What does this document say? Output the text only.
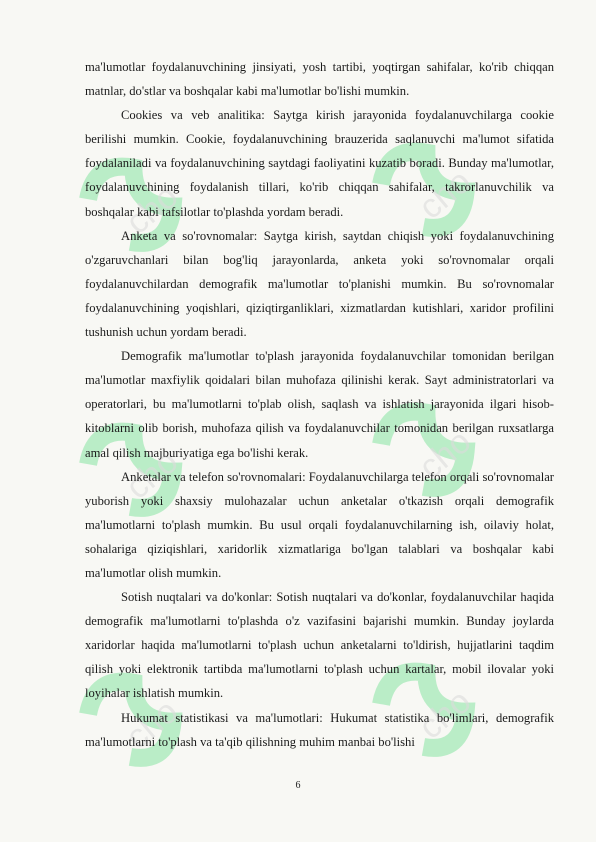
cho	cho
cho	cho
cho	cho

ma'lumotlar foydalanuvchining jinsiyati, yosh tartibi, yoqtirgan sahifalar, ko'rib chiqqan matnlar, do'stlar va boshqalar kabi ma'lumotlar bo'lishi mumkin.

Cookies va veb analitika: Saytga kirish jarayonida foydalanuvchilarga cookie berilishi mumkin. Cookie, foydalanuvchining brauzerida saqlanuvchi ma'lumot sifatida foydalaniladi va foydalanuvchining saytdagi faoliyatini kuzatib boradi. Bunday ma'lumotlar, foydalanuvchining foydalanish tillari, ko'rib chiqqan sahifalar, takrorlanuvchilik va boshqalar kabi tafsilotlar to'plashda yordam beradi.

Anketa va so'rovnomalar: Saytga kirish, saytdan chiqish yoki foydalanuvchining o'zgaruvchanlari bilan bog'liq jarayonlarda, anketa yoki so'rovnomalar orqali foydalanuvchilardan demografik ma'lumotlar to'planishi mumkin. Bu so'rovnomalar foydalanuvchining yoqishlari, qiziqtirganliklari, xizmatlardan kutishlari, xaridor profilini tushunish uchun yordam beradi.

Demografik ma'lumotlar to'plash jarayonida foydalanuvchilar tomonidan berilgan ma'lumotlar maxfiylik qoidalari bilan muhofaza qilinishi kerak. Sayt administratorlari va operatorlari, bu ma'lumotlarni to'plab olish, saqlash va ishlatish jarayonida ilgari hisob-kitoblarni olib borish, muhofaza qilish va foydalanuvchilar tomonidan berilgan ruxsatlarga amal qilish majburiyatiga ega bo'lishi kerak.

Anketalar va telefon so'rovnomalari: Foydalanuvchilarga telefon orqali so'rovnomalar yuborish yoki shaxsiy mulohazalar uchun anketalar o'tkazish orqali demografik ma'lumotlarni to'plash mumkin. Bu usul orqali foydalanuvchilarning ish, oilaviy holat, sohalariga qiziqishlari, xaridorlik xizmatlariga bo'lgan talablari va boshqalar kabi ma'lumotlar olish mumkin.

Sotish nuqtalari va do'konlar: Sotish nuqtalari va do'konlar, foydalanuvchilar haqida demografik ma'lumotlarni to'plashda o'z vazifasini bajarishi mumkin. Bunday joylarda xaridorlar haqida ma'lumotlarni to'plash uchun anketalarni to'ldirish, hujjatlarini taqdim qilish yoki elektronik tartibda ma'lumotlarni to'plash uchun kartalar, mobil ilovalar yoki loyihalar ishlatish mumkin.

Hukumat statistikasi va ma'lumotlari: Hukumat statistika bo'limlari, demografik ma'lumotlarni to'plash va ta'qib qilishning muhim manbai bo'lishi

6
